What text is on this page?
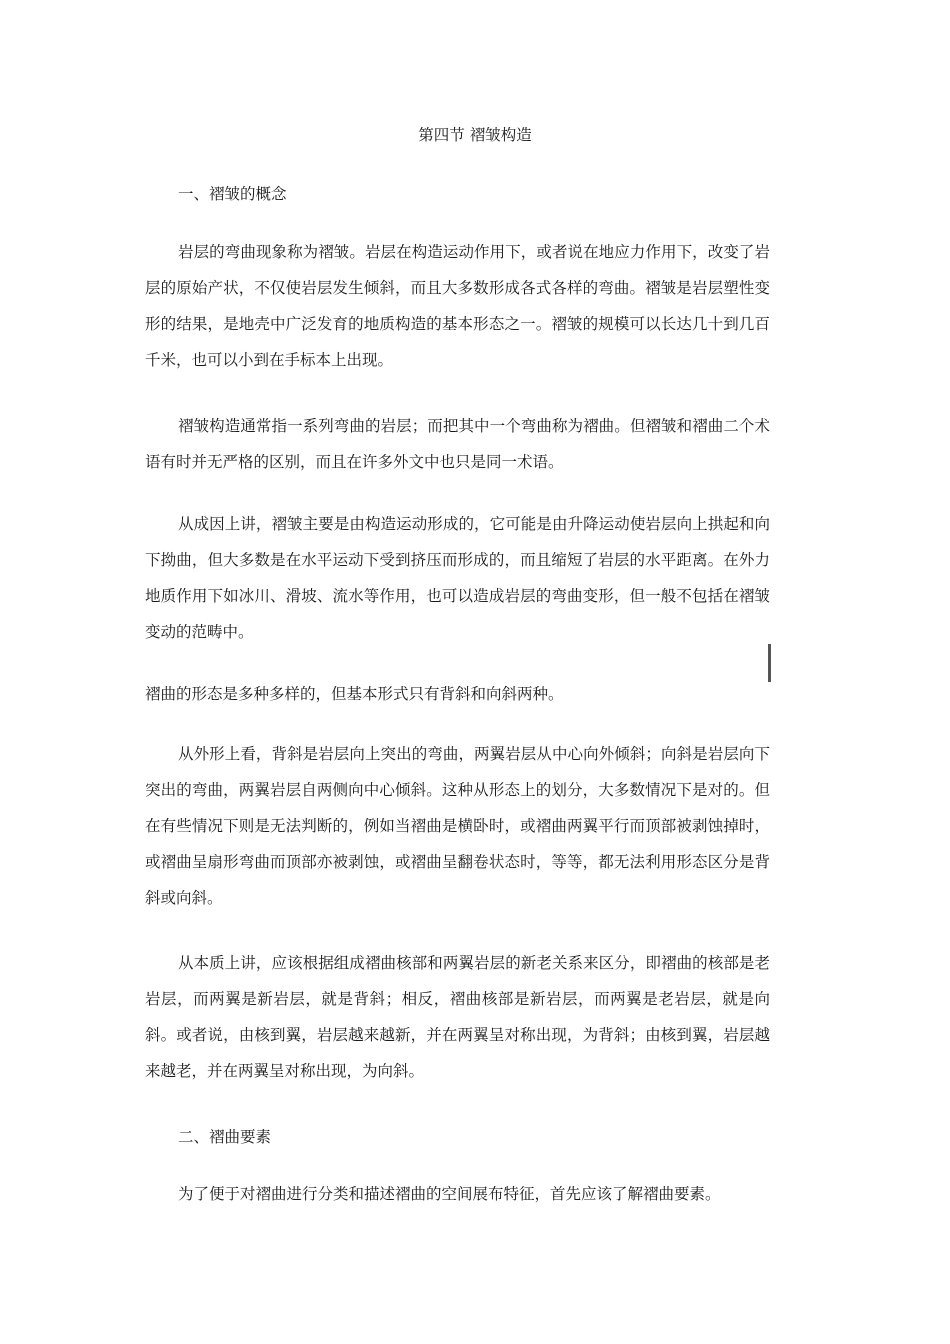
第四节 褶皱构造
一、褶皱的概念

岩层的弯曲现象称为褶皱。岩层在构造运动作用下，或者说在地应力作用下，改变了岩层的原始产状，不仅使岩层发生倾斜，而且大多数形成各式各样的弯曲。褶皱是岩层塑性变形的结果，是地壳中广泛发育的地质构造的基本形态之一。褶皱的规模可以长达几十到几百千米，也可以小到在手标本上出现。

褶皱构造通常指一系列弯曲的岩层；而把其中一个弯曲称为褶曲。但褶皱和褶曲二个术语有时并无严格的区别，而且在许多外文中也只是同一术语。

从成因上讲，褶皱主要是由构造运动形成的，它可能是由升降运动使岩层向上拱起和向下拗曲，但大多数是在水平运动下受到挤压而形成的，而且缩短了岩层的水平距离。在外力地质作用下如冰川、滑坡、流水等作用，也可以造成岩层的弯曲变形，但一般不包括在褶皱变动的范畴中。

褶曲的形态是多种多样的，但基本形式只有背斜和向斜两种。

从外形上看，背斜是岩层向上突出的弯曲，两翼岩层从中心向外倾斜；向斜是岩层向下突出的弯曲，两翼岩层自两侧向中心倾斜。这种从形态上的划分，大多数情况下是对的。但在有些情况下则是无法判断的，例如当褶曲是横卧时，或褶曲两翼平行而顶部被剥蚀掉时，或褶曲呈扇形弯曲而顶部亦被剥蚀，或褶曲呈翻卷状态时，等等，都无法利用形态区分是背斜或向斜。

从本质上讲，应该根据组成褶曲核部和两翼岩层的新老关系来区分，即褶曲的核部是老岩层，而两翼是新岩层，就是背斜；相反，褶曲核部是新岩层，而两翼是老岩层，就是向斜。或者说，由核到翼，岩层越来越新，并在两翼呈对称出现，为背斜；由核到翼，岩层越来越老，并在两翼呈对称出现，为向斜。

二、褶曲要素

为了便于对褶曲进行分类和描述褶曲的空间展布特征，首先应该了解褶曲要素。
